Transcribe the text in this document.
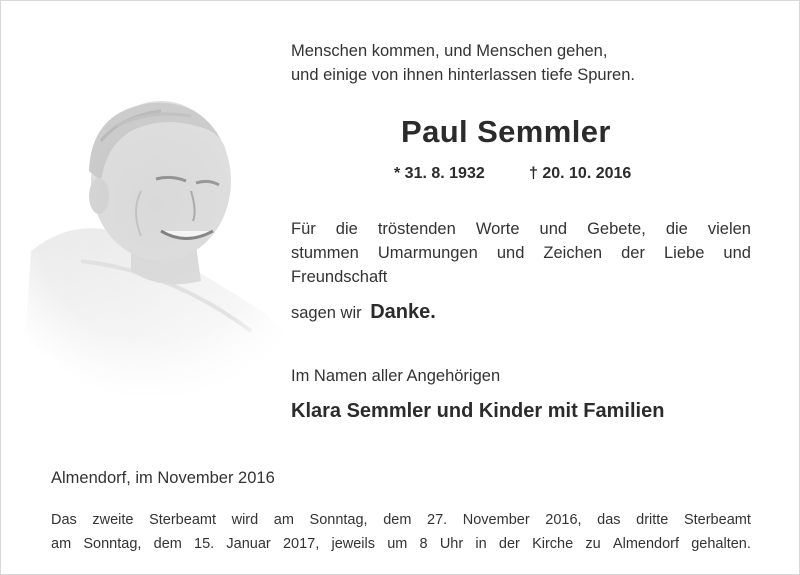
Menschen kommen, und Menschen gehen,
und einige von ihnen hinterlassen tiefe Spuren.
Paul Semmler
* 31. 8. 1932	† 20. 10. 2016
Für die tröstenden Worte und Gebete, die vielen
stummen Umarmungen und Zeichen der Liebe und
Freundschaft
sagen wir Danke.
Im Namen aller Angehörigen
Klara Semmler und Kinder mit Familien
Almendorf, im November 2016
Das zweite Sterbeamt wird am Sonntag, dem 27. November 2016, das dritte Sterbeamt
am Sonntag, dem 15. Januar 2017, jeweils um 8 Uhr in der Kirche zu Almendorf gehalten.
